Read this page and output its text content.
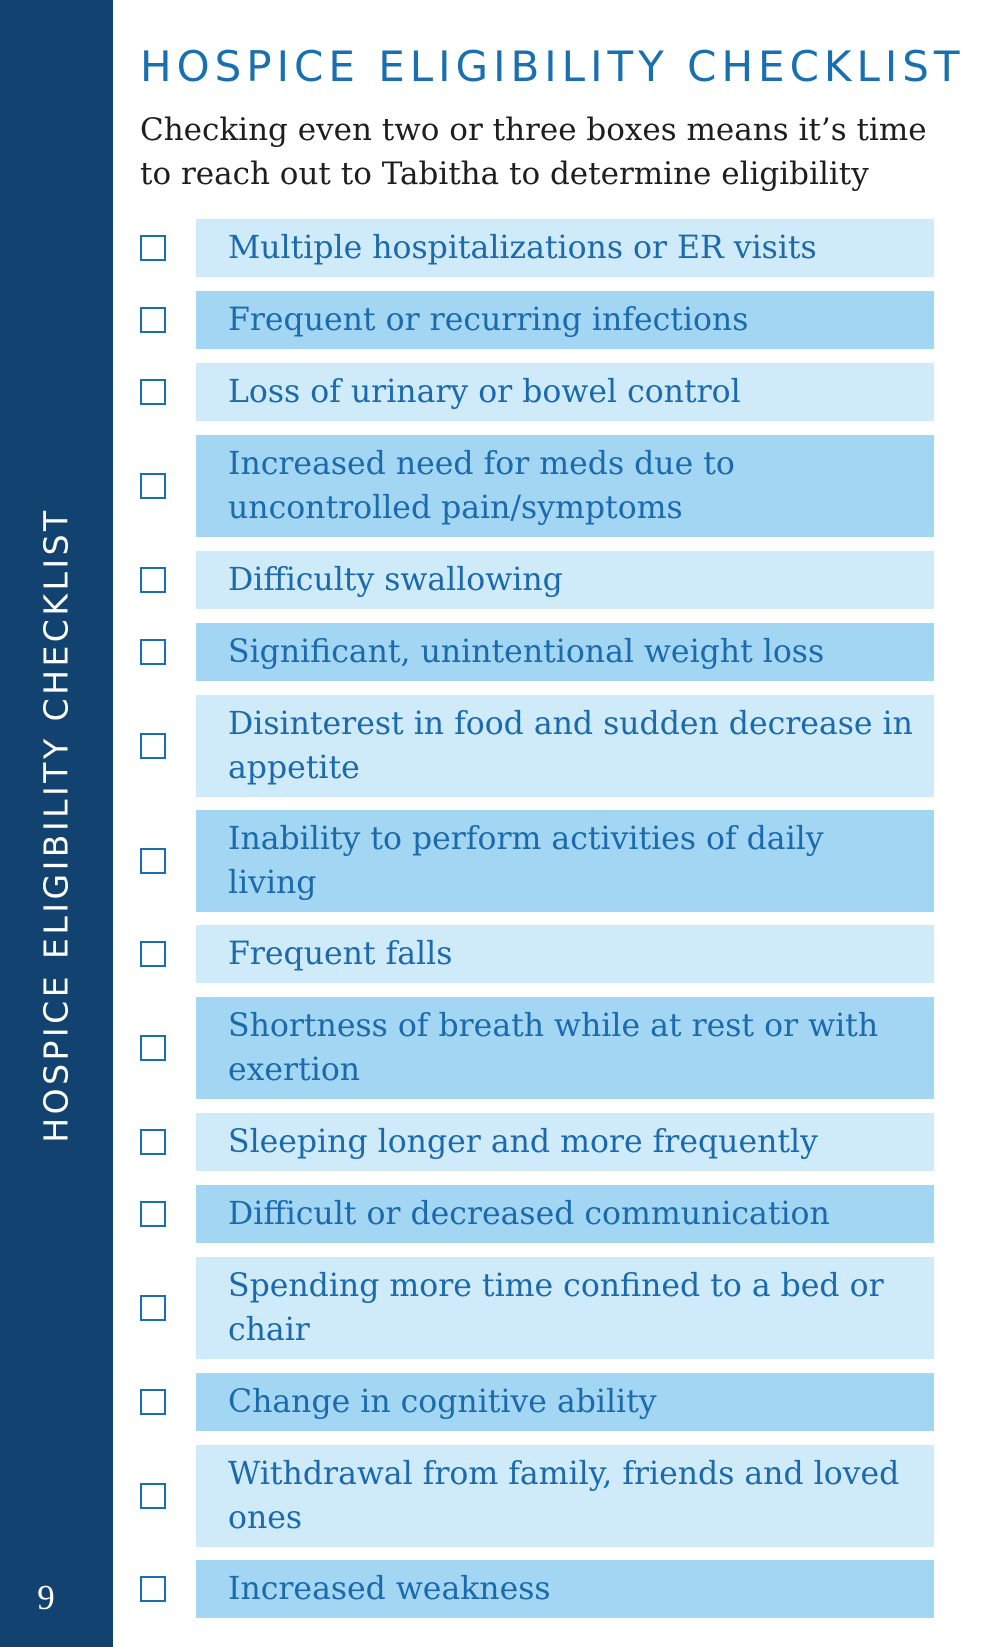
HOSPICE ELIGIBILITY CHECKLIST
9
HOSPICE ELIGIBILITY CHECKLIST

Checking even two or three boxes means it’s time to reach out to Tabitha to determine eligibility

Multiple hospitalizations or ER visits
Frequent or recurring infections
Loss of urinary or bowel control
Increased need for meds due to uncontrolled pain/symptoms
Difficulty swallowing
Significant, unintentional weight loss
Disinterest in food and sudden decrease in appetite
Inability to perform activities of daily living
Frequent falls
Shortness of breath while at rest or with exertion
Sleeping longer and more frequently
Difficult or decreased communication
Spending more time confined to a bed or chair
Change in cognitive ability
Withdrawal from family, friends and loved ones
Increased weakness
